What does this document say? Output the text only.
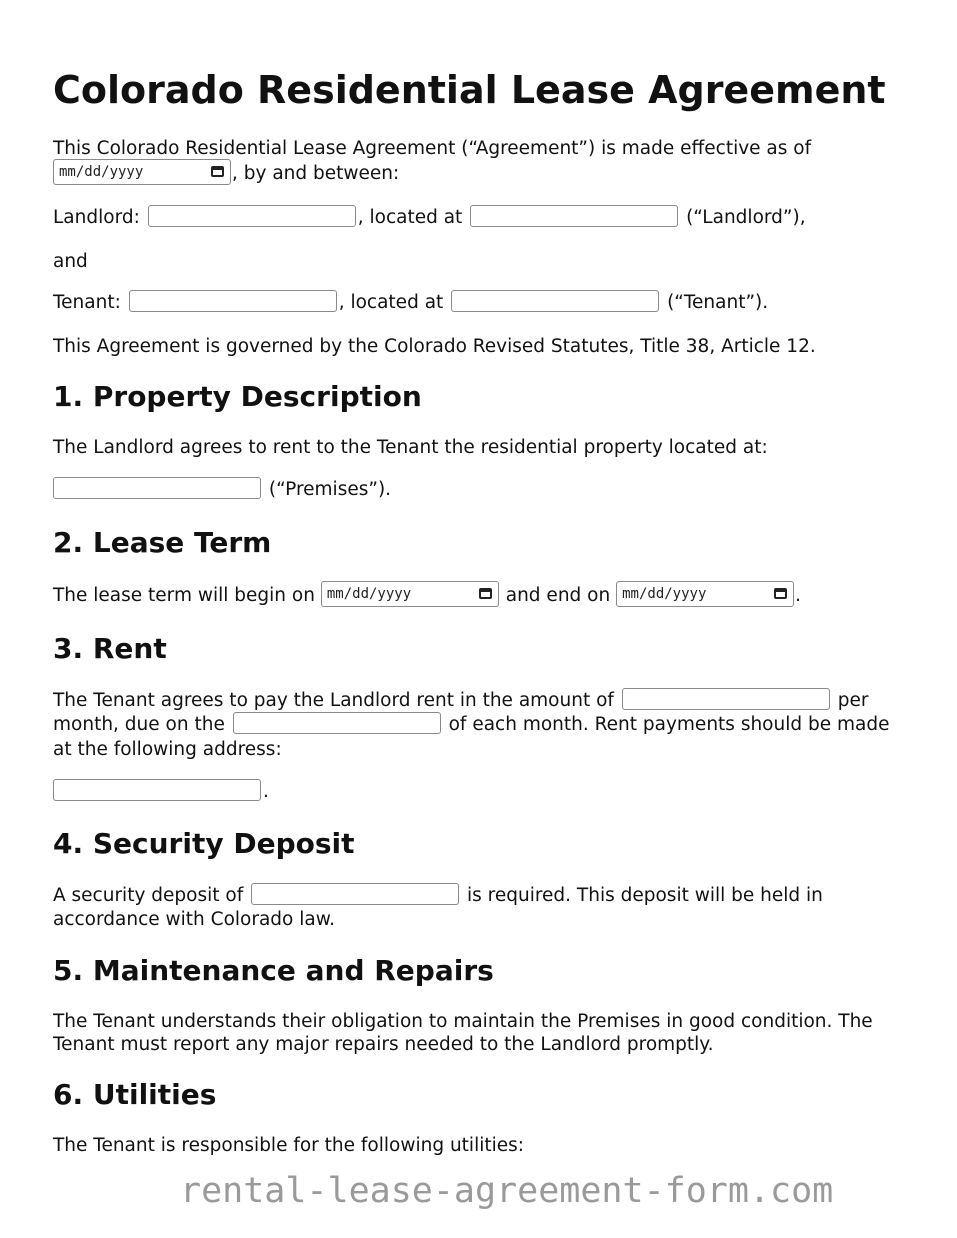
Colorado Residential Lease Agreement
This Colorado Residential Lease Agreement (“Agreement”) is made effective as of
mm/dd/yyyy	, by and between:
Landlord:	, located at	(“Landlord”),
and
Tenant:	, located at	(“Tenant”).
This Agreement is governed by the Colorado Revised Statutes, Title 38, Article 12.
1. Property Description
The Landlord agrees to rent to the Tenant the residential property located at:
(“Premises”).
2. Lease Term
The lease term will begin on mm/dd/yyyy	and end on mm/dd/yyyy	.
3. Rent
The Tenant agrees to pay the Landlord rent in the amount of	per
month, due on the	of each month. Rent payments should be made
at the following address:
.
4. Security Deposit
A security deposit of	is required. This deposit will be held in
accordance with Colorado law.
5. Maintenance and Repairs
The Tenant understands their obligation to maintain the Premises in good condition. The
Tenant must report any major repairs needed to the Landlord promptly.
6. Utilities
The Tenant is responsible for the following utilities:
rental-lease-agreement-form.com
